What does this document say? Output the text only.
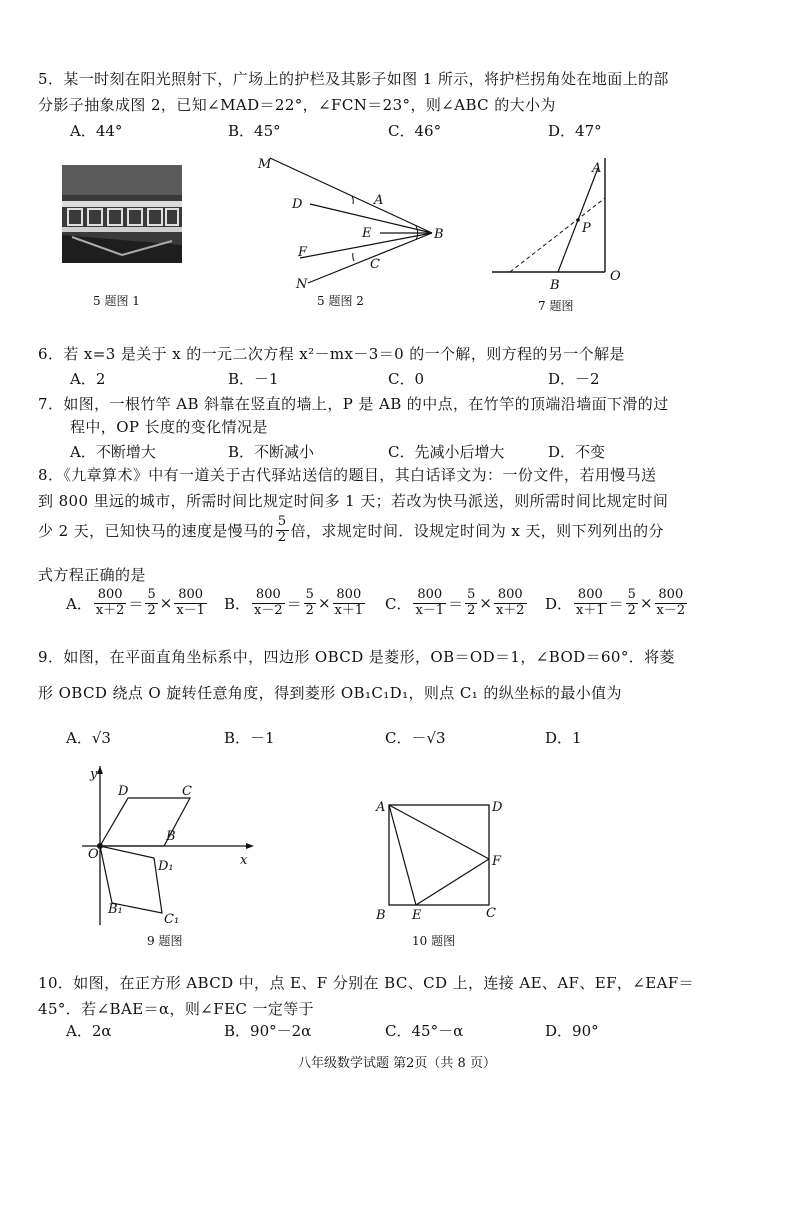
5．某一时刻在阳光照射下，广场上的护栏及其影子如图 1 所示，将护栏拐角处在地面上的部
分影子抽象成图 2，已知∠MAD＝22°，∠FCN＝23°，则∠ABC 的大小为
A．44°	B．45°	C．46°	D．47°
5 题图 1
M
D	A
E	B
F
C
N
5 题图 2
A
P
B
O
7 题图
6．若 x=3 是关于 x 的一元二次方程 x²－mx－3＝0 的一个解，则方程的另一个解是
A．2	B．－1	C．0	D．－2
7．如图，一根竹竿 AB 斜靠在竖直的墙上，P 是 AB 的中点，在竹竿的顶端沿墙面下滑的过
程中，OP 长度的变化情况是
A．不断增大	B．不断减小	C．先减小后增大	D．不变
8．《九章算术》中有一道关于古代驿站送信的题目，其白话译文为：一份文件，若用慢马送
到 800 里远的城市，所需时间比规定时间多 1 天；若改为快马派送，则所需时间比规定时间
少 2 天，已知快马的速度是慢马的 $\frac{5}{2}$ 倍，求规定时间．设规定时间为 x 天，则下列列出的分
式方程正确的是
A． $\frac{800}{x+2} = \frac{5}{2} \times \frac{800}{x-1}$ B． $\frac{800}{x-2} = \frac{5}{2} \times \frac{800}{x+1}$ C． $\frac{800}{x-1} = \frac{5}{2} \times \frac{800}{x+2}$ D． $\frac{800}{x+1} = \frac{5}{2} \times \frac{800}{x-2}$
9．如图，在平面直角坐标系中，四边形 OBCD 是菱形，OB＝OD＝1，∠BOD＝60°．将菱
形 OBCD 绕点 O 旋转任意角度，得到菱形 OB₁C₁D₁，则点 C₁ 的纵坐标的最小值为
A．√3	B．－1	C．－√3	D．1
y
x
O
D	C
B
D₁
B₁
C₁
9 题图
A	D
F
B E	C
10 题图
10．如图，在正方形 ABCD 中，点 E、F 分别在 BC、CD 上，连接 AE、AF、EF，∠EAF＝
45°．若∠BAE＝α，则∠FEC 一定等于
A．2α	B．90°－2α	C．45°－α	D．90°
八年级数学试题 第2页（共 8 页）
